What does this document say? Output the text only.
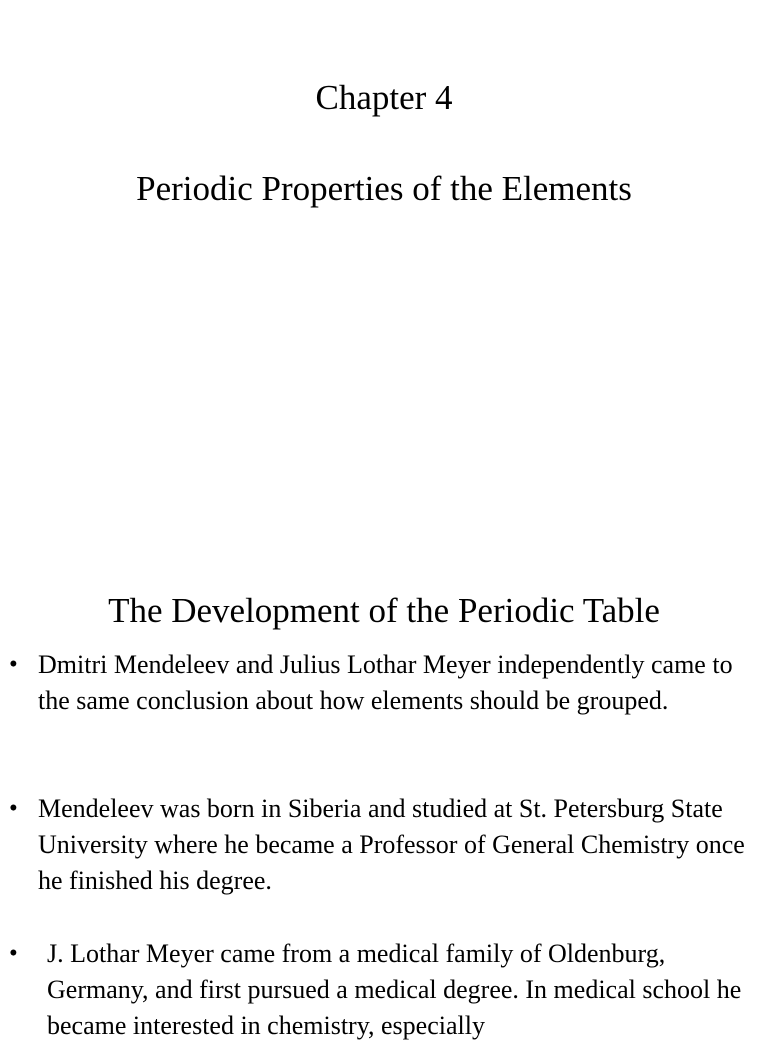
Chapter 4
Periodic Properties of the Elements
The Development of the Periodic Table
• Dmitri Mendeleev and Julius Lothar Meyer independently came to the same conclusion about how elements should be grouped.

• Mendeleev was born in Siberia and studied at St. Petersburg State University where he became a Professor of General Chemistry once he finished his degree.

• J. Lothar Meyer came from a medical family of Oldenburg, Germany, and first pursued a medical degree. In medical school he became interested in chemistry, especially
